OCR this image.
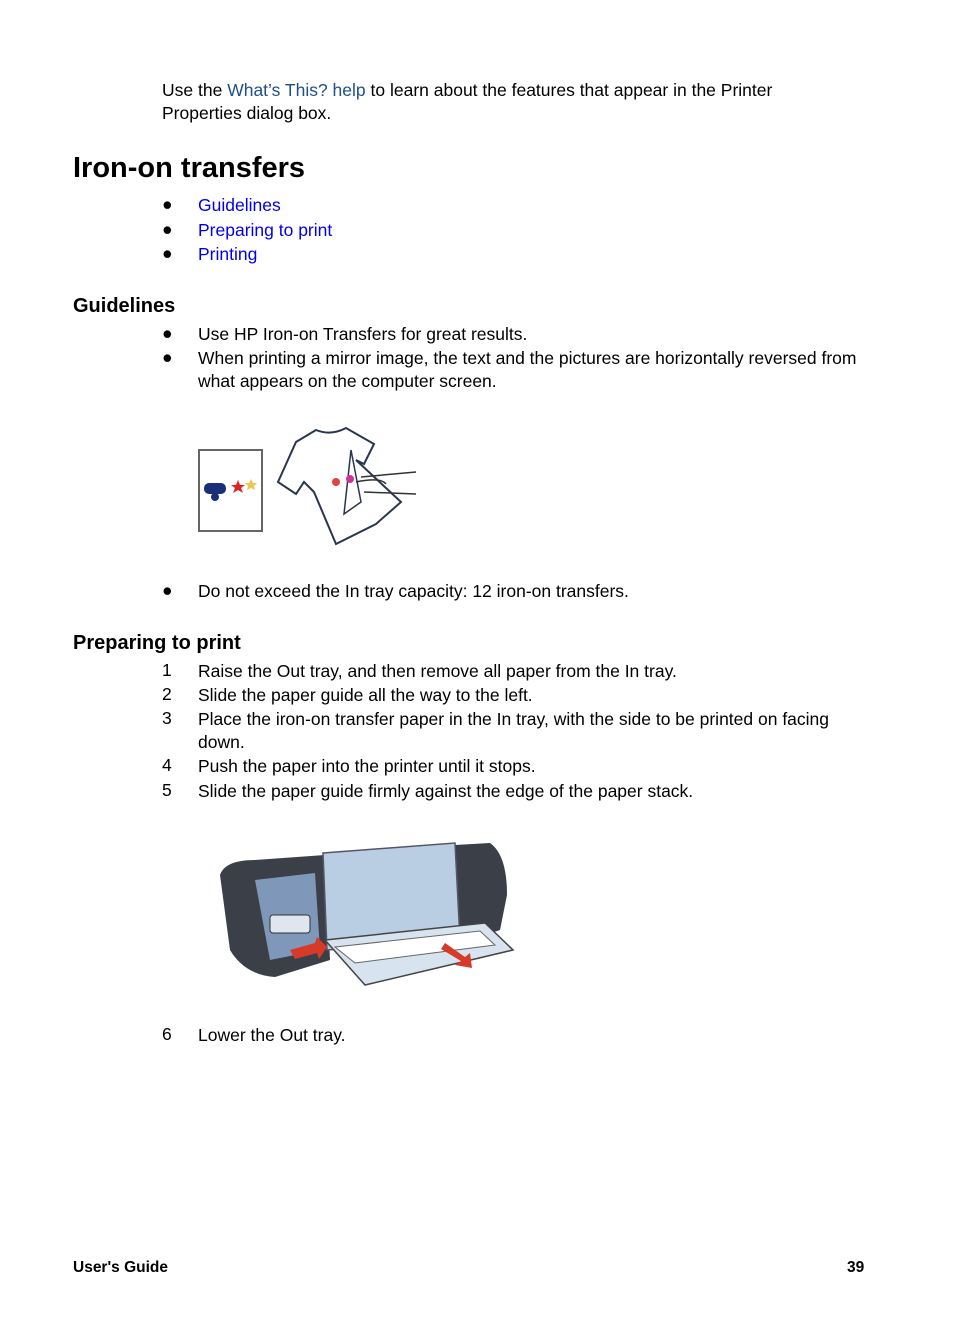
Use the What’s This? help to learn about the features that appear in the Printer Properties dialog box.
Iron-on transfers
● Guidelines
● Preparing to print
● Printing
Guidelines
● Use HP Iron-on Transfers for great results.
● When printing a mirror image, the text and the pictures are horizontally reversed from what appears on the computer screen.
● Do not exceed the In tray capacity: 12 iron-on transfers.
Preparing to print
1 Raise the Out tray, and then remove all paper from the In tray.
2 Slide the paper guide all the way to the left.
3 Place the iron-on transfer paper in the In tray, with the side to be printed on facing down.
4 Push the paper into the printer until it stops.
5 Slide the paper guide firmly against the edge of the paper stack.
6 Lower the Out tray.
User's Guide	39
